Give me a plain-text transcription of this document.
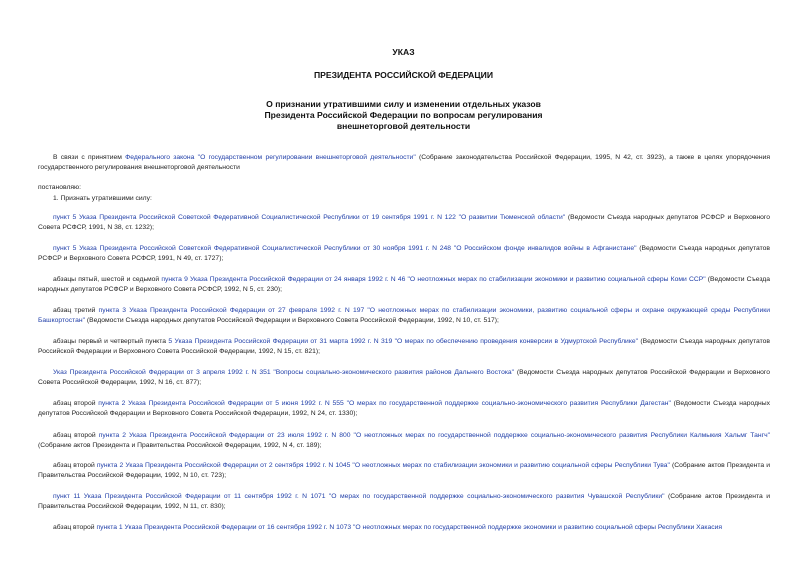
УКАЗ
ПРЕЗИДЕНТА РОССИЙСКОЙ ФЕДЕРАЦИИ
О признании утратившими силу и изменении отдельных указов
Президента Российской Федерации по вопросам регулирования
внешнеторговой деятельности
В связи с принятием Федерального закона "О государственном регулировании внешнеторговой деятельности" (Собрание законодательства Российской Федерации, 1995, N 42, ст. 3923), а также в целях упорядочения государственного регулирования внешнеторговой деятельности
постановляю:
1. Признать утратившими силу:
пункт 5 Указа Президента Российской Советской Федеративной Социалистической Республики от 19 сентября 1991 г. N 122 "О развитии Тюменской области" (Ведомости Съезда народных депутатов РСФСР и Верховного Совета РСФСР, 1991, N 38, ст. 1232);
пункт 5 Указа Президента Российской Советской Федеративной Социалистической Республики от 30 ноября 1991 г. N 248 "О Российском фонде инвалидов войны в Афганистане" (Ведомости Съезда народных депутатов РСФСР и Верховного Совета РСФСР, 1991, N 49, ст. 1727);
абзацы пятый, шестой и седьмой пункта 9 Указа Президента Российской Федерации от 24 января 1992 г. N 46 "О неотложных мерах по стабилизации экономики и развитию социальной сферы Коми ССР" (Ведомости Съезда народных депутатов РСФСР и Верховного Совета РСФСР, 1992, N 5, ст. 230);
абзац третий пункта 3 Указа Президента Российской Федерации от 27 февраля 1992 г. N 197 "О неотложных мерах по стабилизации экономики, развитию социальной сферы и охране окружающей среды Республики Башкортостан" (Ведомости Съезда народных депутатов Российской Федерации и Верховного Совета Российской Федерации, 1992, N 10, ст. 517);
абзацы первый и четвертый пункта 5 Указа Президента Российской Федерации от 31 марта 1992 г. N 319 "О мерах по обеспечению проведения конверсии в Удмуртской Республике" (Ведомости Съезда народных депутатов Российской Федерации и Верховного Совета Российской Федерации, 1992, N 15, ст. 821);
Указ Президента Российской Федерации от 3 апреля 1992 г. N 351 "Вопросы социально-экономического развития районов Дальнего Востока" (Ведомости Съезда народных депутатов Российской Федерации и Верховного Совета Российской Федерации, 1992, N 16, ст. 877);
абзац второй пункта 2 Указа Президента Российской Федерации от 5 июня 1992 г. N 555 "О мерах по государственной поддержке социально-экономического развития Республики Дагестан" (Ведомости Съезда народных депутатов Российской Федерации и Верховного Совета Российской Федерации, 1992, N 24, ст. 1330);
абзац второй пункта 2 Указа Президента Российской Федерации от 23 июля 1992 г. N 800 "О неотложных мерах по государственной поддержке социально-экономического развития Республики Калмыкия Хальмг Тангч" (Собрание актов Президента и Правительства Российской Федерации, 1992, N 4, ст. 189);
абзац второй пункта 2 Указа Президента Российской Федерации от 2 сентября 1992 г. N 1045 "О неотложных мерах по стабилизации экономики и развитию социальной сферы Республики Тува" (Собрание актов Президента и Правительства Российской Федерации, 1992, N 10, ст. 723);
пункт 11 Указа Президента Российской Федерации от 11 сентября 1992 г. N 1071 "О мерах по государственной поддержке социально-экономического развития Чувашской Республики" (Собрание актов Президента и Правительства Российской Федерации, 1992, N 11, ст. 830);
абзац второй пункта 1 Указа Президента Российской Федерации от 16 сентября 1992 г. N 1073 "О неотложных мерах по государственной поддержке экономики и развитию социальной сферы Республики Хакасия
